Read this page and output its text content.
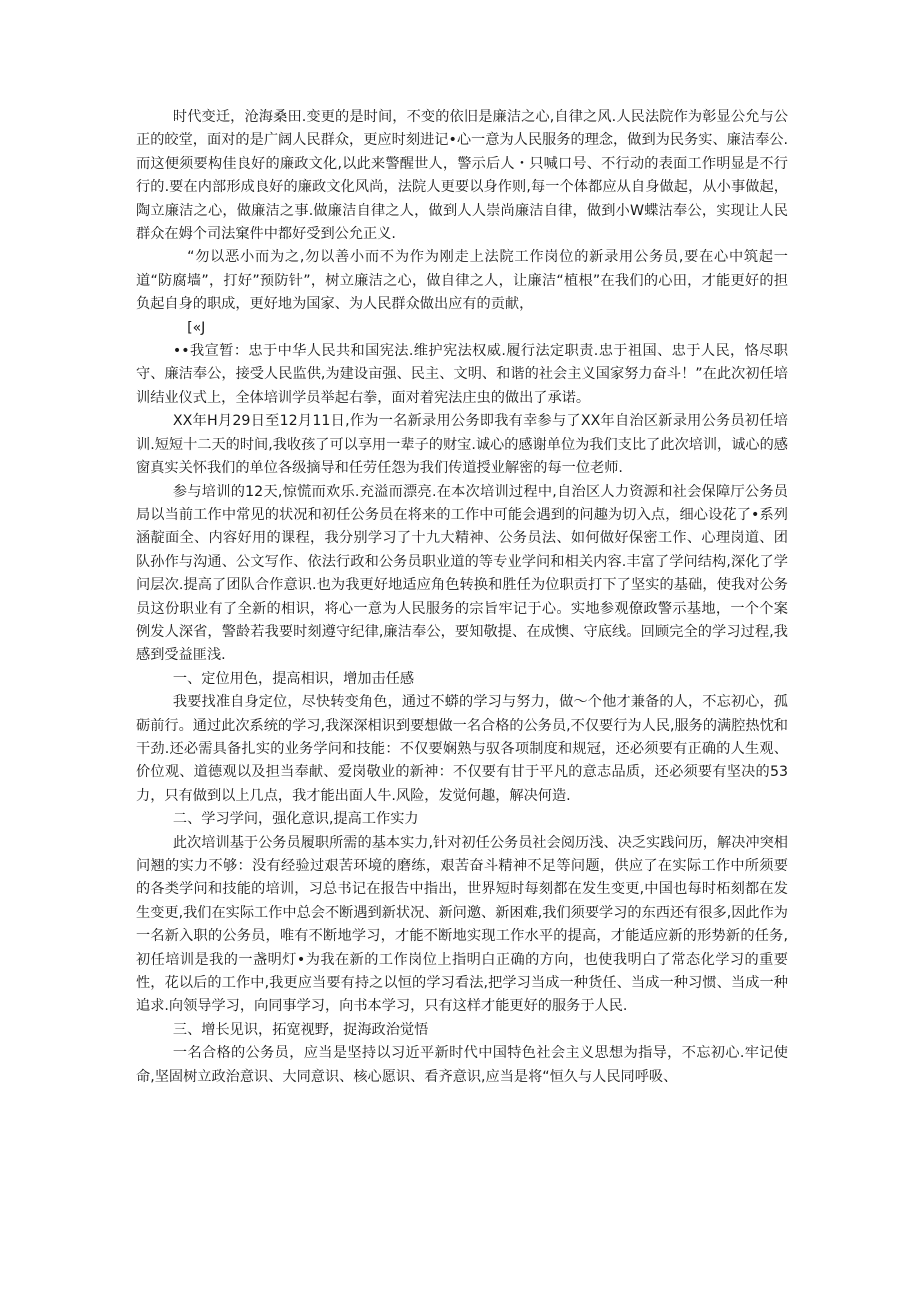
时代变迁，沧海桑田.变更的是时间，不变的依旧是廉洁之心,自律之风.人民法院作为彰显公允与公正的皎堂，面对的是广阔人民群众，更应时刻进记•心一意为人民服务的理念，做到为民务实、廉洁奉公.而这便须要构佳良好的廉政文化,以此来警醒世人，警示后人・只喊口号、不行动的表面工作明显是不行行的.要在内部形成良好的廉政文化风尚，法院人更要以身作则,每一个体都应从自身做起，从小事做起，陶立廉洁之心，做廉洁之事.做廉洁自律之人，做到人人崇尚廉洁自律，做到小W蝶沽奉公，实现让人民群众在姆个司法窠件中都好受到公允正义.

“勿以恶小而为之,勿以善小而不为作为刚走上法院工作岗位的新录用公务员,要在心中筑起一道“防腐墙”，打好”预防针”，树立廉洁之心，做自律之人，让廉洁“植根”在我们的心田，才能更好的担负起自身的职成，更好地为国家、为人民群众做出应有的贡献，

[«J

••我宣暂：忠于中华人民共和国宪法.维护宪法权威.履行法定职责.忠于祖国、忠于人民，恪尽职守、廉洁奉公，接受人民监供,为建设亩强、民主、文明、和谐的社会主义国家努力奋斗！”在此次初任培训结业仪式上，全体培训学员举起右拳，面对着宪法庄虫的做出了承诺。

XX年H月29日至12月11日,作为一名新录用公务即我有幸参与了XX年自治区新录用公务员初任培训.短短十二天的时间,我收孩了可以享用一辈子的财宝.诚心的感谢单位为我们支比了此次培训，诚心的感窗真实关怀我们的单位各级摘导和任劳任怨为我们传道授业解密的每一位老师.

参与培训的12天,惊慌而欢乐.充溢而漂亮.在本次培训过程中,自治区人力资源和社会保障厅公务员局以当前工作中常见的状况和初任公务员在将来的工作中可能会遇到的问趣为切入点，细心设花了•系列涵靛面全、内容好用的课程，我分别学习了十九大精神、公务员法、如何做好保密工作、心理岗道、团队孙作与沟通、公文写作、依法行政和公务员职业道的等专业学问和相关内容.丰富了学问结构,深化了学问层次.提高了团队合作意识.也为我更好地适应角色转换和胜任为位职贡打下了坚实的基础，使我对公务员这份职业有了全新的相识，将心一意为人民服务的宗旨牢记于心。实地参观僚政警示基地，一个个案例发人深省，警龄若我要时刻遵守纪律,廉洁奉公，要知敬提、在成懊、守底线。回顾完全的学习过程,我感到受益匪浅.

一、定位用色，提高相识，增加击任感

我要找准自身定位，尽快转变角色，通过不蟒的学习与努力，做〜个他才兼备的人，不忘初心，孤砺前行。通过此次系统的学习,我深深相识到要想做一名合格的公务员,不仅要行为人民,服务的满腔热忱和干劲.还必需具备扎实的业务学问和技能：不仅要娴熟与驭各项制度和规冠，还必须要有正确的人生观、价位观、道德观以及担当奉献、爱岗敬业的新神：不仅要有甘于平凡的意志品质，还必须要有坚决的53力，只有做到以上几点，我才能出面人牛.风险，发觉何趣，解决何造.

二、学习学问，强化意识,提高工作实力

此次培训基于公务员履职所需的基本实力,针对初任公务员社会阅历浅、决乏实践问历，解决冲突相问翘的实力不够：没有经验过艰苦环境的磨练，艰苦奋斗精神不足等问题，供应了在实际工作中所须要的各类学问和技能的培训，习总书记在报告中指出，世界短时每刻都在发生变更,中国也每时柘刻都在发生变更,我们在实际工作中总会不断遇到新状况、新问邀、新困难,我们须要学习的东西还有很多,因此作为一名新入职的公务员，唯有不断地学习，才能不断地实现工作水平的提高，才能适应新的形势新的任务,初任培训是我的一盏明灯•为我在新的工作岗位上指明白正确的方向，也使我明白了常态化学习的重要性，花以后的工作中,我更应当要有持之以恒的学习看法,把学习当成一种货任、当成一种习惯、当成一种追求.向领导学习，向同事学习，向书本学习，只有这样才能更好的服务于人民.

三、增长见识，拓宽视野，捉海政治觉悟

一名合格的公务员，应当是坚持以习近平新时代中国特色社会主义思想为指导，不忘初心.牢记使命,坚固树立政治意识、大同意识、核心愿识、看齐意识,应当是将“恒久与人民同呼吸、
